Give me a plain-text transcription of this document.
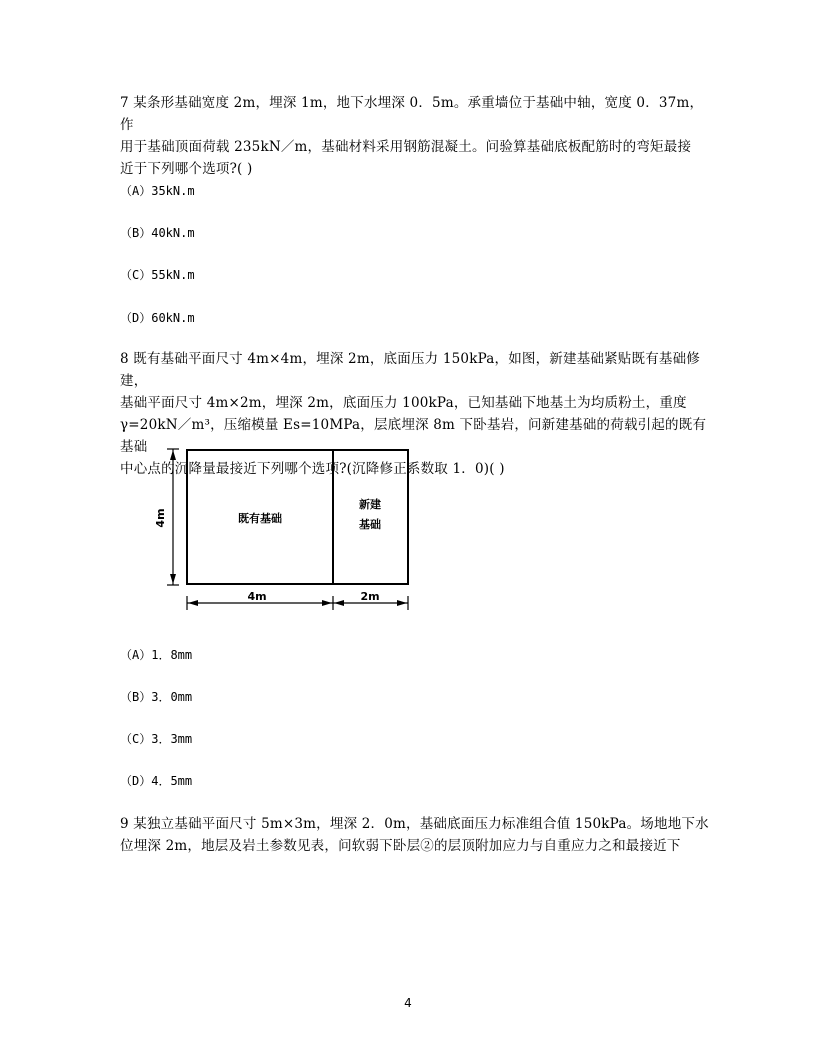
7 某条形基础宽度 2m，埋深 1m，地下水埋深 0．5m。承重墙位于基础中轴，宽度 0．37m，作
用于基础顶面荷载 235kN／m，基础材料采用钢筋混凝土。问验算基础底板配筋时的弯矩最接
近于下列哪个选项?( )
（A）35kN.m
（B）40kN.m
（C）55kN.m
（D）60kN.m
8 既有基础平面尺寸 4m×4m，埋深 2m，底面压力 150kPa，如图，新建基础紧贴既有基础修建，
基础平面尺寸 4m×2m，埋深 2m，底面压力 100kPa，已知基础下地基土为均质粉土，重度
γ=20kN／m³，压缩模量 Es=10MPa，层底埋深 8m 下卧基岩，问新建基础的荷载引起的既有基础
中心点的沉降量最接近下列哪个选项?(沉降修正系数取 1．0)( )
既有基础
新建
基础
4m
4m	2m
（A）1．8mm
（B）3．0mm
（C）3．3mm
（D）4．5mm
9 某独立基础平面尺寸 5m×3m，埋深 2．0m，基础底面压力标准组合值 150kPa。场地地下水
位埋深 2m，地层及岩土参数见表，问软弱下卧层②的层顶附加应力与自重应力之和最接近下
4
